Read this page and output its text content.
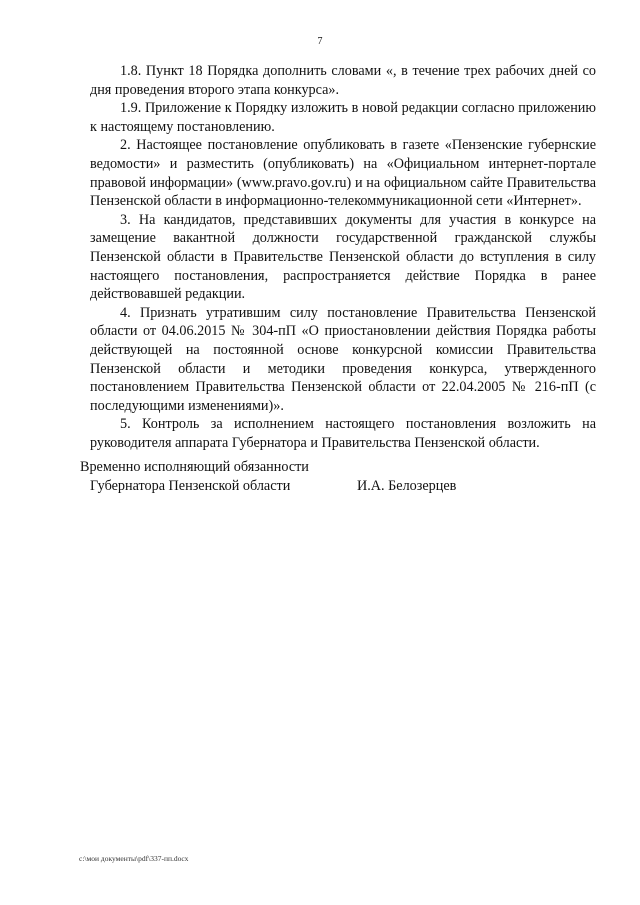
7

1.8. Пункт 18 Порядка дополнить словами «, в течение трех рабочих дней со дня проведения второго этапа конкурса».

1.9. Приложение к Порядку изложить в новой редакции согласно приложению к настоящему постановлению.

2. Настоящее постановление опубликовать в газете «Пензенские губернские ведомости» и разместить (опубликовать) на «Официальном интернет-портале правовой информации» (www.pravo.gov.ru) и на официальном сайте Правительства Пензенской области в информационно-телекоммуникационной сети «Интернет».

3. На кандидатов, представивших документы для участия в конкурсе на замещение вакантной должности государственной гражданской службы Пензенской области в Правительстве Пензенской области до вступления в силу настоящего постановления, распространяется действие Порядка в ранее действовавшей редакции.

4. Признать утратившим силу постановление Правительства Пензенской области от 04.06.2015 № 304-пП «О приостановлении действия Порядка работы действующей на постоянной основе конкурсной комиссии Правительства Пензенской области и методики проведения конкурса, утвержденного постановлением Правительства Пензенской области от 22.04.2005 № 216-пП (с последующими изменениями)».

5. Контроль за исполнением настоящего постановления возложить на руководителя аппарата Губернатора и Правительства Пензенской области.

Временно исполняющий обязанности

Губернатора Пензенской области	И.А. Белозерцев
c:\мои документы\pdf\337-пп.docx
